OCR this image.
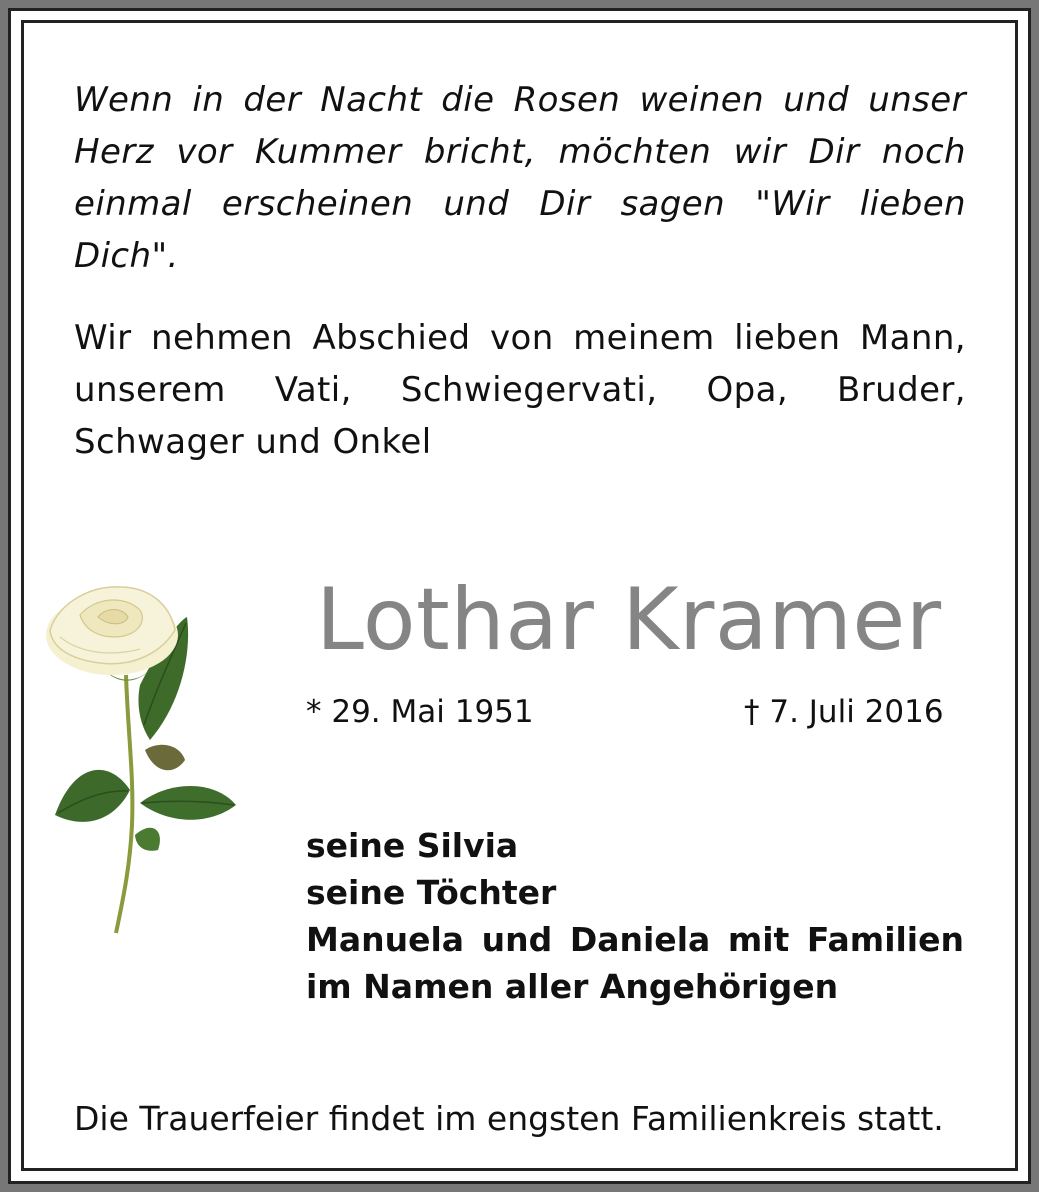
Wenn in der Nacht die Rosen weinen und unser Herz vor Kummer bricht, möchten wir Dir noch einmal erscheinen und Dir sagen "Wir lieben Dich".

Wir nehmen Abschied von meinem lieben Mann, unserem Vati, Schwiegervati, Opa, Bruder, Schwager und Onkel

Lothar Kramer
* 29. Mai 1951	† 7. Juli 2016
seine Silvia
seine Töchter
Manuela und Daniela mit Familien
im Namen aller Angehörigen
Die Trauerfeier findet im engsten Familienkreis statt.
